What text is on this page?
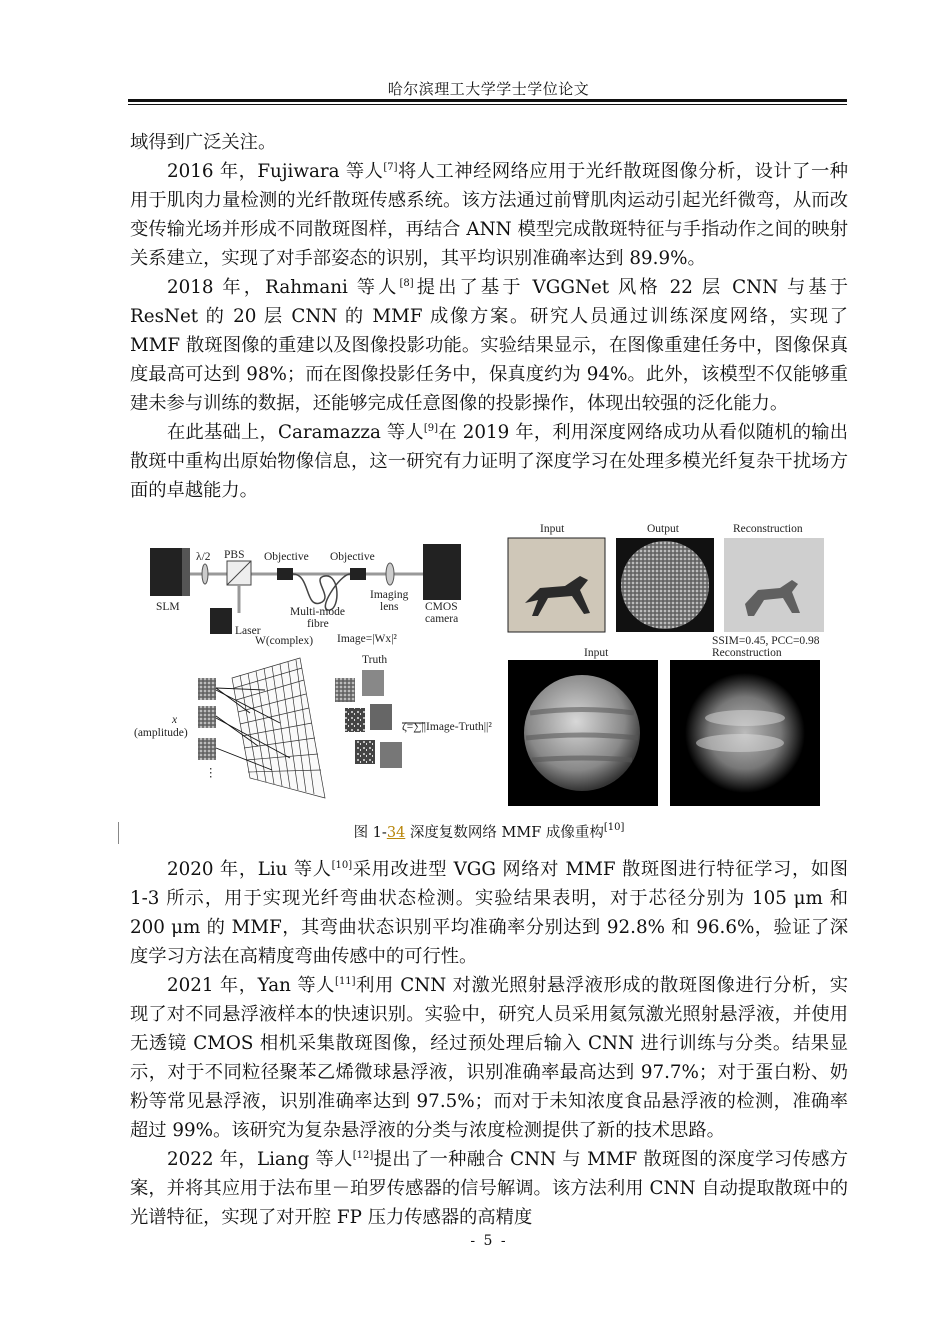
哈尔滨理工大学学士学位论文

域得到广泛关注。

2016 年，Fujiwara 等人[7]将人工神经网络应用于光纤散斑图像分析，设计了一种用于肌肉力量检测的光纤散斑传感系统。该方法通过前臂肌肉运动引起光纤微弯，从而改变传输光场并形成不同散斑图样，再结合 ANN 模型完成散斑特征与手指动作之间的映射关系建立，实现了对手部姿态的识别，其平均识别准确率达到 89.9%。

2018 年，Rahmani 等人[8]提出了基于 VGGNet 风格 22 层 CNN 与基于 ResNet 的 20 层 CNN 的 MMF 成像方案。研究人员通过训练深度网络，实现了 MMF 散斑图像的重建以及图像投影功能。实验结果显示，在图像重建任务中，图像保真度最高可达到 98%；而在图像投影任务中，保真度约为 94%。此外，该模型不仅能够重建未参与训练的数据，还能够完成任意图像的投影操作，体现出较强的泛化能力。

在此基础上，Caramazza 等人[9]在 2019 年，利用深度网络成功从看似随机的输出散斑中重构出原始物像信息，这一研究有力证明了深度学习在处理多模光纤复杂干扰场方面的卓越能力。

λ/2 PBS Objective Objective
SLM
Laser
Multi-mode
fibre
Imaging
lens CMOS
camera
⋮
W(complex) Image=|Wx|²
Truth
x
(amplitude)	ζ=∑||Image-Truth||²
Input	Output	Reconstruction
SSIM=0.45, PCC=0.98
Input	Reconstruction
图 1-34 深度复数网络 MMF 成像重构[10]

2020 年，Liu 等人[10]采用改进型 VGG 网络对 MMF 散斑图进行特征学习，如图 1-3 所示，用于实现光纤弯曲状态检测。实验结果表明，对于芯径分别为 105 μm 和 200 μm 的 MMF，其弯曲状态识别平均准确率分别达到 92.8% 和 96.6%，验证了深度学习方法在高精度弯曲传感中的可行性。

2021 年，Yan 等人[11]利用 CNN 对激光照射悬浮液形成的散斑图像进行分析，实现了对不同悬浮液样本的快速识别。实验中，研究人员采用氦氖激光照射悬浮液，并使用无透镜 CMOS 相机采集散斑图像，经过预处理后输入 CNN 进行训练与分类。结果显示，对于不同粒径聚苯乙烯微球悬浮液，识别准确率最高达到 97.7%；对于蛋白粉、奶粉等常见悬浮液，识别准确率达到 97.5%；而对于未知浓度食品悬浮液的检测，准确率超过 99%。该研究为复杂悬浮液的分类与浓度检测提供了新的技术思路。

2022 年，Liang 等人[12]提出了一种融合 CNN 与 MMF 散斑图的深度学习传感方案，并将其应用于法布里－珀罗传感器的信号解调。该方法利用 CNN 自动提取散斑中的光谱特征，实现了对开腔 FP 压力传感器的高精度

- 5 -
